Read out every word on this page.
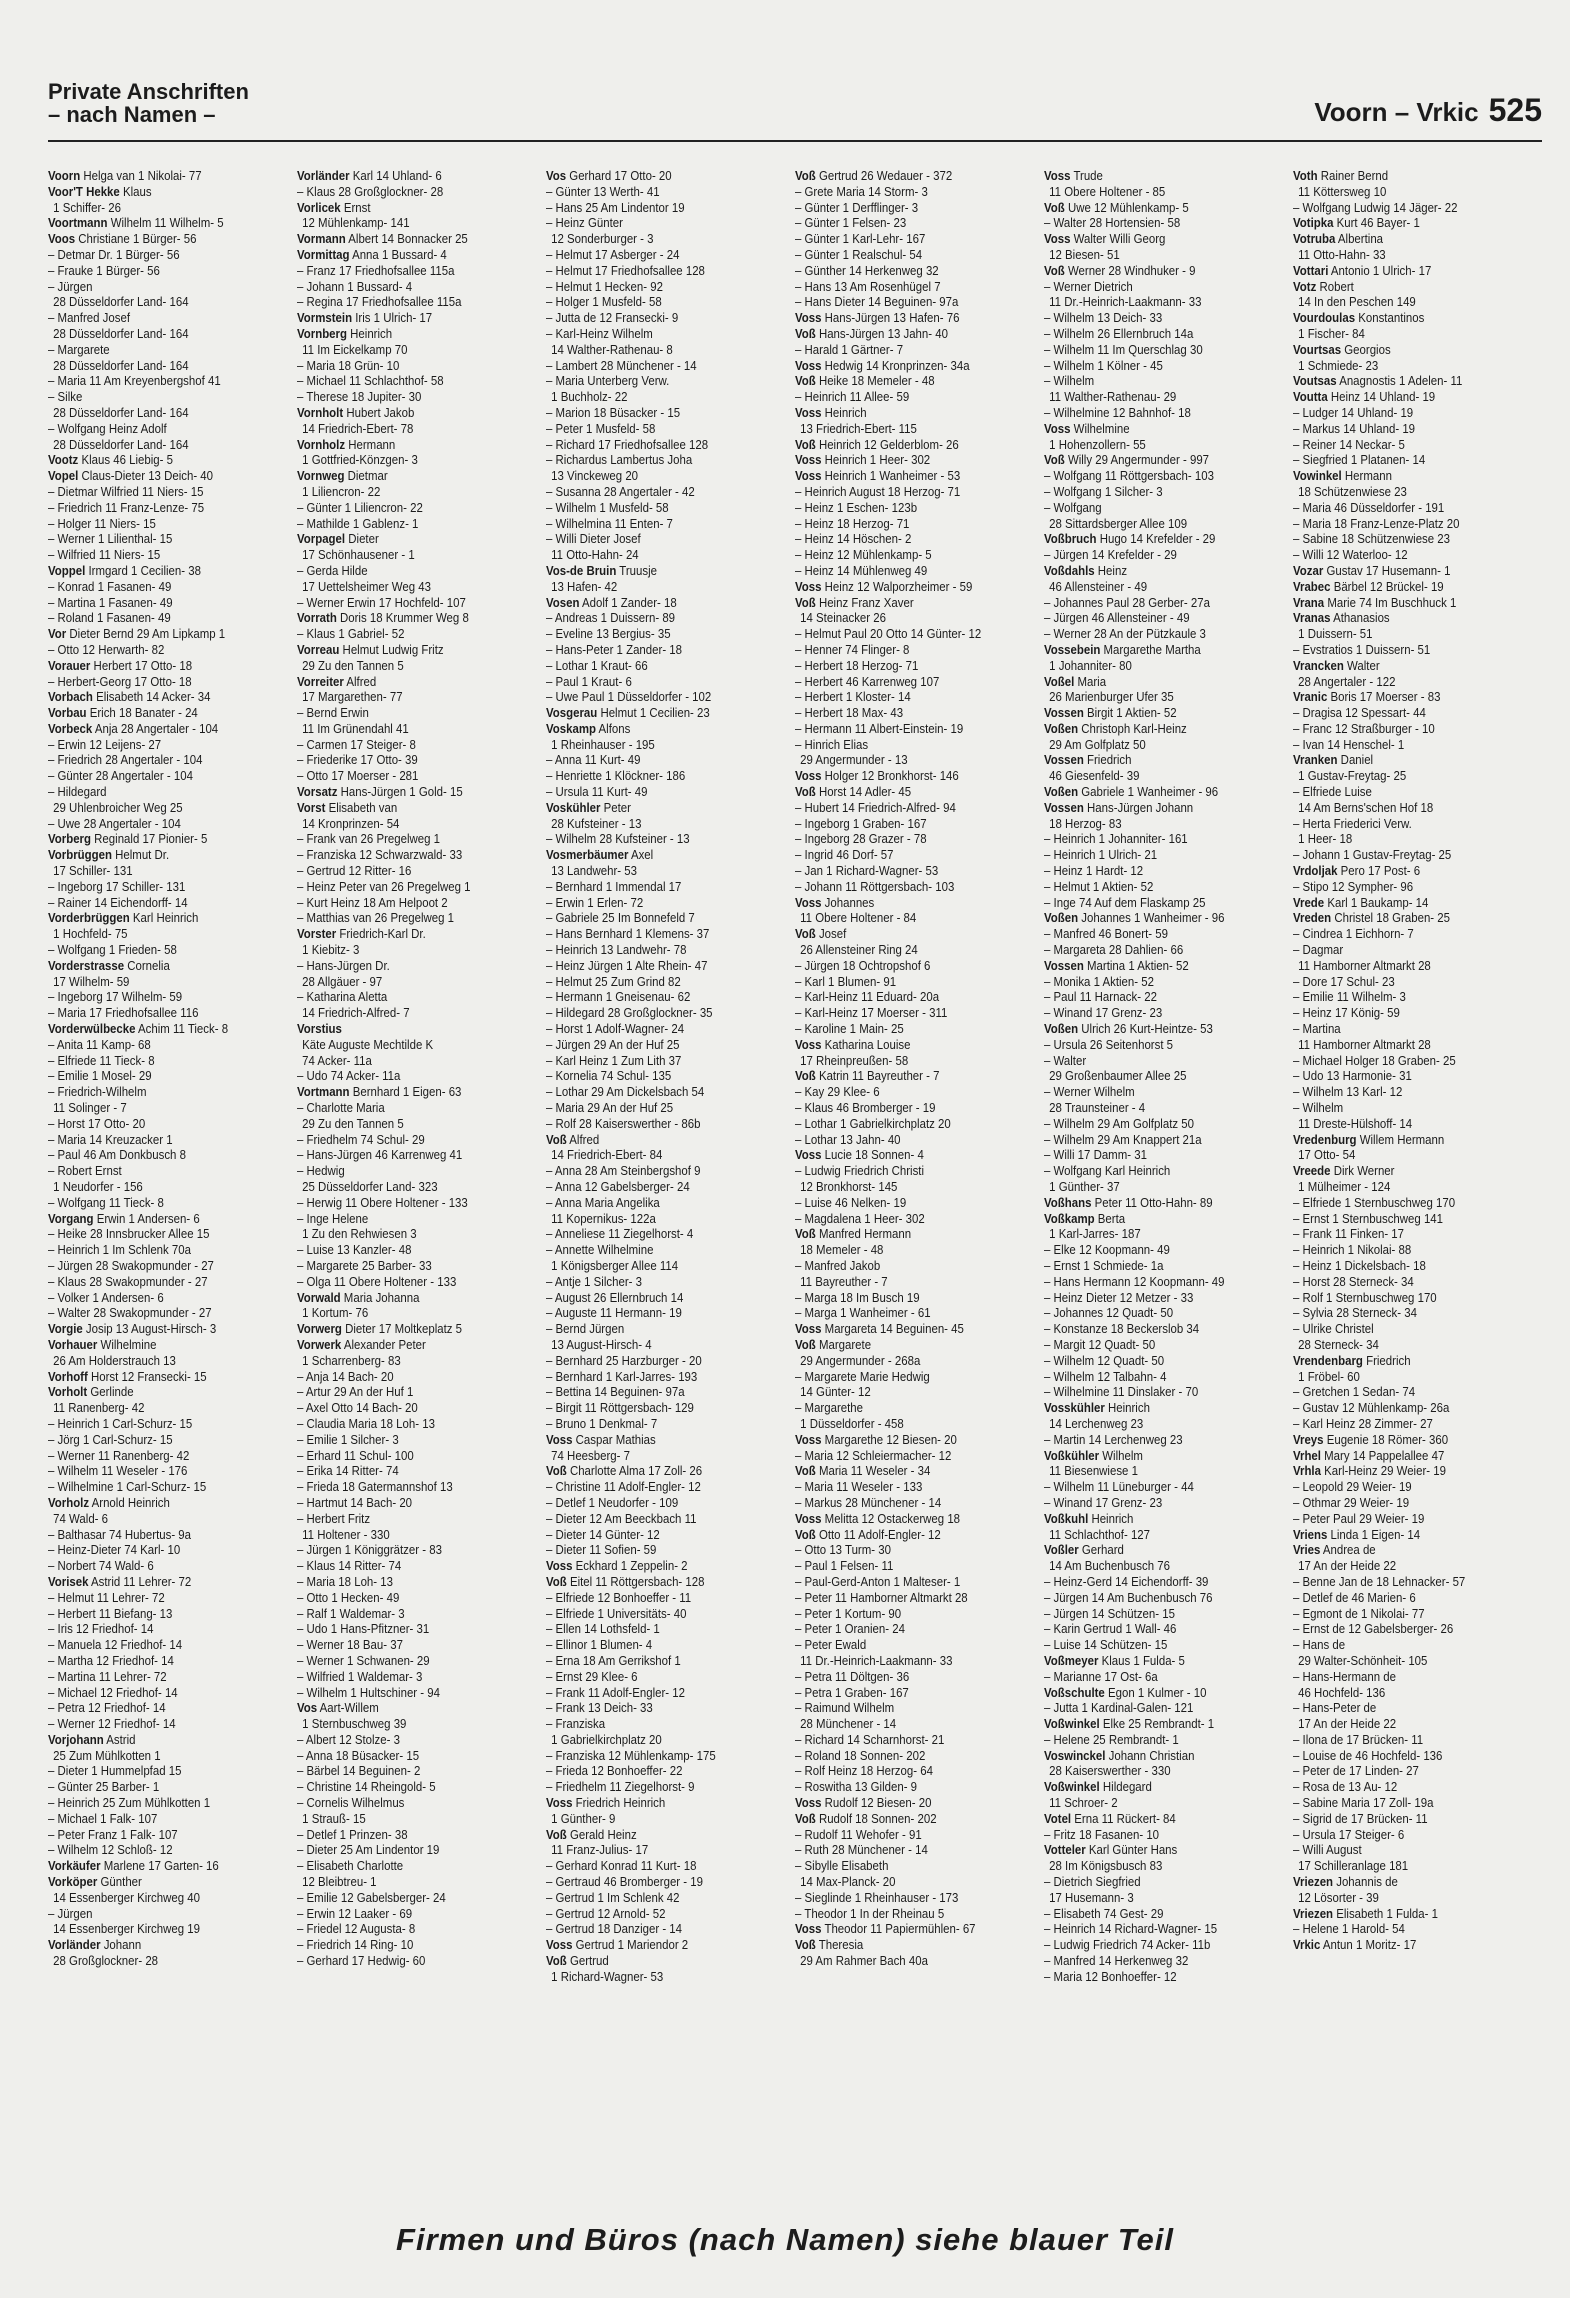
Private Anschriften
– nach Namen –	Voorn – Vrkic 525
Voorn Helga van 1 Nikolai- 77
Voor'T Hekke Klaus
1 Schiffer- 26
Voortmann Wilhelm 11 Wilhelm- 5
Voos Christiane 1 Bürger- 56
– Detmar Dr. 1 Bürger- 56
– Frauke 1 Bürger- 56
– Jürgen
28 Düsseldorfer Land- 164
– Manfred Josef
28 Düsseldorfer Land- 164
– Margarete
28 Düsseldorfer Land- 164
– Maria 11 Am Kreyenbergshof 41
– Silke
28 Düsseldorfer Land- 164
– Wolfgang Heinz Adolf
28 Düsseldorfer Land- 164
Vootz Klaus 46 Liebig- 5
Vopel Claus-Dieter 13 Deich- 40
– Dietmar Wilfried 11 Niers- 15
– Friedrich 11 Franz-Lenze- 75
– Holger 11 Niers- 15
– Werner 1 Lilienthal- 15
– Wilfried 11 Niers- 15
Voppel Irmgard 1 Cecilien- 38
– Konrad 1 Fasanen- 49
– Martina 1 Fasanen- 49
– Roland 1 Fasanen- 49
Vor Dieter Bernd 29 Am Lipkamp 1
– Otto 12 Herwarth- 82
Vorauer Herbert 17 Otto- 18
– Herbert-Georg 17 Otto- 18
Vorbach Elisabeth 14 Acker- 34
Vorbau Erich 18 Banater - 24
Vorbeck Anja 28 Angertaler - 104
– Erwin 12 Leijens- 27
– Friedrich 28 Angertaler - 104
– Günter 28 Angertaler - 104
– Hildegard
29 Uhlenbroicher Weg 25
– Uwe 28 Angertaler - 104
Vorberg Reginald 17 Pionier- 5
Vorbrüggen Helmut Dr.
17 Schiller- 131
– Ingeborg 17 Schiller- 131
– Rainer 14 Eichendorff- 14
Vorderbrüggen Karl Heinrich
1 Hochfeld- 75
– Wolfgang 1 Frieden- 58
Vorderstrasse Cornelia
17 Wilhelm- 59
– Ingeborg 17 Wilhelm- 59
– Maria 17 Friedhofsallee 116
Vorderwülbecke Achim 11 Tieck- 8
– Anita 11 Kamp- 68
– Elfriede 11 Tieck- 8
– Emilie 1 Mosel- 29
– Friedrich-Wilhelm
11 Solinger - 7
– Horst 17 Otto- 20
– Maria 14 Kreuzacker 1
– Paul 46 Am Donkbusch 8
– Robert Ernst
1 Neudorfer - 156
– Wolfgang 11 Tieck- 8
Vorgang Erwin 1 Andersen- 6
– Heike 28 Innsbrucker Allee 15
– Heinrich 1 Im Schlenk 70a
– Jürgen 28 Swakopmunder - 27
– Klaus 28 Swakopmunder - 27
– Volker 1 Andersen- 6
– Walter 28 Swakopmunder - 27
Vorgie Josip 13 August-Hirsch- 3
Vorhauer Wilhelmine
26 Am Holderstrauch 13
Vorhoff Horst 12 Fransecki- 15
Vorholt Gerlinde
11 Ranenberg- 42
– Heinrich 1 Carl-Schurz- 15
– Jörg 1 Carl-Schurz- 15
– Werner 11 Ranenberg- 42
– Wilhelm 11 Weseler - 176
– Wilhelmine 1 Carl-Schurz- 15
Vorholz Arnold Heinrich
74 Wald- 6
– Balthasar 74 Hubertus- 9a
– Heinz-Dieter 74 Karl- 10
– Norbert 74 Wald- 6
Vorisek Astrid 11 Lehrer- 72
– Helmut 11 Lehrer- 72
– Herbert 11 Biefang- 13
– Iris 12 Friedhof- 14
– Manuela 12 Friedhof- 14
– Martha 12 Friedhof- 14
– Martina 11 Lehrer- 72
– Michael 12 Friedhof- 14
– Petra 12 Friedhof- 14
– Werner 12 Friedhof- 14
Vorjohann Astrid
25 Zum Mühlkotten 1
– Dieter 1 Hummelpfad 15
– Günter 25 Barber- 1
– Heinrich 25 Zum Mühlkotten 1
– Michael 1 Falk- 107
– Peter Franz 1 Falk- 107
– Wilhelm 12 Schloß- 12
Vorkäufer Marlene 17 Garten- 16
Vorköper Günther
14 Essenberger Kirchweg 40
– Jürgen
14 Essenberger Kirchweg 19
Vorländer Johann
28 Großglockner- 28
Vorländer Karl 14 Uhland- 6
– Klaus 28 Großglockner- 28
Vorlicek Ernst
12 Mühlenkamp- 141
Vormann Albert 14 Bonnacker 25
Vormittag Anna 1 Bussard- 4
– Franz 17 Friedhofsallee 115a
– Johann 1 Bussard- 4
– Regina 17 Friedhofsallee 115a
Vormstein Iris 1 Ulrich- 17
Vornberg Heinrich
11 Im Eickelkamp 70
– Maria 18 Grün- 10
– Michael 11 Schlachthof- 58
– Therese 18 Jupiter- 30
Vornholt Hubert Jakob
14 Friedrich-Ebert- 78
Vornholz Hermann
1 Gottfried-Könzgen- 3
Vornweg Dietmar
1 Liliencron- 22
– Günter 1 Liliencron- 22
– Mathilde 1 Gablenz- 1
Vorpagel Dieter
17 Schönhausener - 1
– Gerda Hilde
17 Uettelsheimer Weg 43
– Werner Erwin 17 Hochfeld- 107
Vorrath Doris 18 Krummer Weg 8
– Klaus 1 Gabriel- 52
Vorreau Helmut Ludwig Fritz
29 Zu den Tannen 5
Vorreiter Alfred
17 Margarethen- 77
– Bernd Erwin
11 Im Grünendahl 41
– Carmen 17 Steiger- 8
– Friederike 17 Otto- 39
– Otto 17 Moerser - 281
Vorsatz Hans-Jürgen 1 Gold- 15
Vorst Elisabeth van
14 Kronprinzen- 54
– Frank van 26 Pregelweg 1
– Franziska 12 Schwarzwald- 33
– Gertrud 12 Ritter- 16
– Heinz Peter van 26 Pregelweg 1
– Kurt Heinz 18 Am Helpoot 2
– Matthias van 26 Pregelweg 1
Vorster Friedrich-Karl Dr.
1 Kiebitz- 3
– Hans-Jürgen Dr.
28 Allgäuer - 97
– Katharina Aletta
14 Friedrich-Alfred- 7
Vorstius
Käte Auguste Mechtilde K
74 Acker- 11a
– Udo 74 Acker- 11a
Vortmann Bernhard 1 Eigen- 63
– Charlotte Maria
29 Zu den Tannen 5
– Friedhelm 74 Schul- 29
– Hans-Jürgen 46 Karrenweg 41
– Hedwig
25 Düsseldorfer Land- 323
– Herwig 11 Obere Holtener - 133
– Inge Helene
1 Zu den Rehwiesen 3
– Luise 13 Kanzler- 48
– Margarete 25 Barber- 33
– Olga 11 Obere Holtener - 133
Vorwald Maria Johanna
1 Kortum- 76
Vorwerg Dieter 17 Moltkeplatz 5
Vorwerk Alexander Peter
1 Scharrenberg- 83
– Anja 14 Bach- 20
– Artur 29 An der Huf 1
– Axel Otto 14 Bach- 20
– Claudia Maria 18 Loh- 13
– Emilie 1 Silcher- 3
– Erhard 11 Schul- 100
– Erika 14 Ritter- 74
– Frieda 18 Gatermannshof 13
– Hartmut 14 Bach- 20
– Herbert Fritz
11 Holtener - 330
– Jürgen 1 Königgrätzer - 83
– Klaus 14 Ritter- 74
– Maria 18 Loh- 13
– Otto 1 Hecken- 49
– Ralf 1 Waldemar- 3
– Udo 1 Hans-Pfitzner- 31
– Werner 18 Bau- 37
– Werner 1 Schwanen- 29
– Wilfried 1 Waldemar- 3
– Wilhelm 1 Hultschiner - 94
Vos Aart-Willem
1 Sternbuschweg 39
– Albert 12 Stolze- 3
– Anna 18 Büsacker- 15
– Bärbel 14 Beguinen- 2
– Christine 14 Rheingold- 5
– Cornelis Wilhelmus
1 Strauß- 15
– Detlef 1 Prinzen- 38
– Dieter 25 Am Lindentor 19
– Elisabeth Charlotte
12 Bleibtreu- 1
– Emilie 12 Gabelsberger- 24
– Erwin 12 Laaker - 69
– Friedel 12 Augusta- 8
– Friedrich 14 Ring- 10
– Gerhard 17 Hedwig- 60
Vos Gerhard 17 Otto- 20
– Günter 13 Werth- 41
– Hans 25 Am Lindentor 19
– Heinz Günter
12 Sonderburger - 3
– Helmut 17 Asberger - 24
– Helmut 17 Friedhofsallee 128
– Helmut 1 Hecken- 92
– Holger 1 Musfeld- 58
– Jutta de 12 Fransecki- 9
– Karl-Heinz Wilhelm
14 Walther-Rathenau- 8
– Lambert 28 Münchener - 14
– Maria Unterberg Verw.
1 Buchholz- 22
– Marion 18 Büsacker - 15
– Peter 1 Musfeld- 58
– Richard 17 Friedhofsallee 128
– Richardus Lambertus Joha
13 Vinckeweg 20
– Susanna 28 Angertaler - 42
– Wilhelm 1 Musfeld- 58
– Wilhelmina 11 Enten- 7
– Willi Dieter Josef
11 Otto-Hahn- 24
Vos-de Bruin Truusje
13 Hafen- 42
Vosen Adolf 1 Zander- 18
– Andreas 1 Duissern- 89
– Eveline 13 Bergius- 35
– Hans-Peter 1 Zander- 18
– Lothar 1 Kraut- 66
– Paul 1 Kraut- 6
– Uwe Paul 1 Düsseldorfer - 102
Vosgerau Helmut 1 Cecilien- 23
Voskamp Alfons
1 Rheinhauser - 195
– Anna 11 Kurt- 49
– Henriette 1 Klöckner- 186
– Ursula 11 Kurt- 49
Voskühler Peter
28 Kufsteiner - 13
– Wilhelm 28 Kufsteiner - 13
Vosmerbäumer Axel
13 Landwehr- 53
– Bernhard 1 Immendal 17
– Erwin 1 Erlen- 72
– Gabriele 25 Im Bonnefeld 7
– Hans Bernhard 1 Klemens- 37
– Heinrich 13 Landwehr- 78
– Heinz Jürgen 1 Alte Rhein- 47
– Helmut 25 Zum Grind 82
– Hermann 1 Gneisenau- 62
– Hildegard 28 Großglockner- 35
– Horst 1 Adolf-Wagner- 24
– Jürgen 29 An der Huf 25
– Karl Heinz 1 Zum Lith 37
– Kornelia 74 Schul- 135
– Lothar 29 Am Dickelsbach 54
– Maria 29 An der Huf 25
– Rolf 28 Kaiserswerther - 86b
Voß Alfred
14 Friedrich-Ebert- 84
– Anna 28 Am Steinbergshof 9
– Anna 12 Gabelsberger- 24
– Anna Maria Angelika
11 Kopernikus- 122a
– Anneliese 11 Ziegelhorst- 4
– Annette Wilhelmine
1 Königsberger Allee 114
– Antje 1 Silcher- 3
– August 26 Ellernbruch 14
– Auguste 11 Hermann- 19
– Bernd Jürgen
13 August-Hirsch- 4
– Bernhard 25 Harzburger - 20
– Bernhard 1 Karl-Jarres- 193
– Bettina 14 Beguinen- 97a
– Birgit 11 Röttgersbach- 129
– Bruno 1 Denkmal- 7
Voss Caspar Mathias
74 Heesberg- 7
Voß Charlotte Alma 17 Zoll- 26
– Christine 11 Adolf-Engler- 12
– Detlef 1 Neudorfer - 109
– Dieter 12 Am Beeckbach 11
– Dieter 14 Günter- 12
– Dieter 11 Sofien- 59
Voss Eckhard 1 Zeppelin- 2
Voß Eitel 11 Röttgersbach- 128
– Elfriede 12 Bonhoeffer - 11
– Elfriede 1 Universitäts- 40
– Ellen 14 Lothsfeld- 1
– Ellinor 1 Blumen- 4
– Erna 18 Am Gerrikshof 1
– Ernst 29 Klee- 6
– Frank 11 Adolf-Engler- 12
– Frank 13 Deich- 33
– Franziska
1 Gabrielkirchplatz 20
– Franziska 12 Mühlenkamp- 175
– Frieda 12 Bonhoeffer- 22
– Friedhelm 11 Ziegelhorst- 9
Voss Friedrich Heinrich
1 Günther- 9
Voß Gerald Heinz
11 Franz-Julius- 17
– Gerhard Konrad 11 Kurt- 18
– Gertraud 46 Bromberger - 19
– Gertrud 1 Im Schlenk 42
– Gertrud 12 Arnold- 52
– Gertrud 18 Danziger - 14
Voss Gertrud 1 Mariendor 2
Voß Gertrud
1 Richard-Wagner- 53
Voß Gertrud 26 Wedauer - 372
– Grete Maria 14 Storm- 3
– Günter 1 Derfflinger- 3
– Günter 1 Felsen- 23
– Günter 1 Karl-Lehr- 167
– Günter 1 Realschul- 54
– Günther 14 Herkenweg 32
– Hans 13 Am Rosenhügel 7
– Hans Dieter 14 Beguinen- 97a
Voss Hans-Jürgen 13 Hafen- 76
Voß Hans-Jürgen 13 Jahn- 40
– Harald 1 Gärtner- 7
Voss Hedwig 14 Kronprinzen- 34a
Voß Heike 18 Memeler - 48
– Heinrich 11 Allee- 59
Voss Heinrich
13 Friedrich-Ebert- 115
Voß Heinrich 12 Gelderblom- 26
Voss Heinrich 1 Heer- 302
Voss Heinrich 1 Wanheimer - 53
– Heinrich August 18 Herzog- 71
– Heinz 1 Eschen- 123b
– Heinz 18 Herzog- 71
– Heinz 14 Höschen- 2
– Heinz 12 Mühlenkamp- 5
– Heinz 14 Mühlenweg 49
Voss Heinz 12 Walporzheimer - 59
Voß Heinz Franz Xaver
14 Steinacker 26
– Helmut Paul 20 Otto 14 Günter- 12
– Henner 74 Flinger- 8
– Herbert 18 Herzog- 71
– Herbert 46 Karrenweg 107
– Herbert 1 Kloster- 14
– Herbert 18 Max- 43
– Hermann 11 Albert-Einstein- 19
– Hinrich Elias
29 Angermunder - 13
Voss Holger 12 Bronkhorst- 146
Voß Horst 14 Adler- 45
– Hubert 14 Friedrich-Alfred- 94
– Ingeborg 1 Graben- 167
– Ingeborg 28 Grazer - 78
– Ingrid 46 Dorf- 57
– Jan 1 Richard-Wagner- 53
– Johann 11 Röttgersbach- 103
Voss Johannes
11 Obere Holtener - 84
Voß Josef
26 Allensteiner Ring 24
– Jürgen 18 Ochtropshof 6
– Karl 1 Blumen- 91
– Karl-Heinz 11 Eduard- 20a
– Karl-Heinz 17 Moerser - 311
– Karoline 1 Main- 25
Voss Katharina Louise
17 Rheinpreußen- 58
Voß Katrin 11 Bayreuther - 7
– Kay 29 Klee- 6
– Klaus 46 Bromberger - 19
– Lothar 1 Gabrielkirchplatz 20
– Lothar 13 Jahn- 40
Voss Lucie 18 Sonnen- 4
– Ludwig Friedrich Christi
12 Bronkhorst- 145
– Luise 46 Nelken- 19
– Magdalena 1 Heer- 302
Voß Manfred Hermann
18 Memeler - 48
– Manfred Jakob
11 Bayreuther - 7
– Marga 18 Im Busch 19
– Marga 1 Wanheimer - 61
Voss Margareta 14 Beguinen- 45
Voß Margarete
29 Angermunder - 268a
– Margarete Marie Hedwig
14 Günter- 12
– Margarethe
1 Düsseldorfer - 458
Voss Margarethe 12 Biesen- 20
– Maria 12 Schleiermacher- 12
Voß Maria 11 Weseler - 34
– Maria 11 Weseler - 133
– Markus 28 Münchener - 14
Voss Melitta 12 Ostackerweg 18
Voß Otto 11 Adolf-Engler- 12
– Otto 13 Turm- 30
– Paul 1 Felsen- 11
– Paul-Gerd-Anton 1 Malteser- 1
– Peter 11 Hamborner Altmarkt 28
– Peter 1 Kortum- 90
– Peter 1 Oranien- 24
– Peter Ewald
11 Dr.-Heinrich-Laakmann- 33
– Petra 11 Döltgen- 36
– Petra 1 Graben- 167
– Raimund Wilhelm
28 Münchener - 14
– Richard 14 Scharnhorst- 21
– Roland 18 Sonnen- 202
– Rolf Heinz 18 Herzog- 64
– Roswitha 13 Gilden- 9
Voss Rudolf 12 Biesen- 20
Voß Rudolf 18 Sonnen- 202
– Rudolf 11 Wehofer - 91
– Ruth 28 Münchener - 14
– Sibylle Elisabeth
14 Max-Planck- 20
– Sieglinde 1 Rheinhauser - 173
– Theodor 1 In der Rheinau 5
Voss Theodor 11 Papiermühlen- 67
Voß Theresia
29 Am Rahmer Bach 40a
Voss Trude
11 Obere Holtener - 85
Voß Uwe 12 Mühlenkamp- 5
– Walter 28 Hortensien- 58
Voss Walter Willi Georg
12 Biesen- 51
Voß Werner 28 Windhuker - 9
– Werner Dietrich
11 Dr.-Heinrich-Laakmann- 33
– Wilhelm 13 Deich- 33
– Wilhelm 26 Ellernbruch 14a
– Wilhelm 11 Im Querschlag 30
– Wilhelm 1 Kölner - 45
– Wilhelm
11 Walther-Rathenau- 29
– Wilhelmine 12 Bahnhof- 18
Voss Wilhelmine
1 Hohenzollern- 55
Voß Willy 29 Angermunder - 997
– Wolfgang 11 Röttgersbach- 103
– Wolfgang 1 Silcher- 3
– Wolfgang
28 Sittardsberger Allee 109
Voßbruch Hugo 14 Krefelder - 29
– Jürgen 14 Krefelder - 29
Voßdahls Heinz
46 Allensteiner - 49
– Johannes Paul 28 Gerber- 27a
– Jürgen 46 Allensteiner - 49
– Werner 28 An der Pützkaule 3
Vossebein Margarethe Martha
1 Johanniter- 80
Voßel Maria
26 Marienburger Ufer 35
Vossen Birgit 1 Aktien- 52
Voßen Christoph Karl-Heinz
29 Am Golfplatz 50
Vossen Friedrich
46 Giesenfeld- 39
Voßen Gabriele 1 Wanheimer - 96
Vossen Hans-Jürgen Johann
18 Herzog- 83
– Heinrich 1 Johanniter- 161
– Heinrich 1 Ulrich- 21
– Heinz 1 Hardt- 12
– Helmut 1 Aktien- 52
– Inge 74 Auf dem Flaskamp 25
Voßen Johannes 1 Wanheimer - 96
– Manfred 46 Bonert- 59
– Margareta 28 Dahlien- 66
Vossen Martina 1 Aktien- 52
– Monika 1 Aktien- 52
– Paul 11 Harnack- 22
– Winand 17 Grenz- 23
Voßen Ulrich 26 Kurt-Heintze- 53
– Ursula 26 Seitenhorst 5
– Walter
29 Großenbaumer Allee 25
– Werner Wilhelm
28 Traunsteiner - 4
– Wilhelm 29 Am Golfplatz 50
– Wilhelm 29 Am Knappert 21a
– Willi 17 Damm- 31
– Wolfgang Karl Heinrich
1 Günther- 37
Voßhans Peter 11 Otto-Hahn- 89
Voßkamp Berta
1 Karl-Jarres- 187
– Elke 12 Koopmann- 49
– Ernst 1 Schmiede- 1a
– Hans Hermann 12 Koopmann- 49
– Heinz Dieter 12 Metzer - 33
– Johannes 12 Quadt- 50
– Konstanze 18 Beckerslob 34
– Margit 12 Quadt- 50
– Wilhelm 12 Quadt- 50
– Wilhelm 12 Talbahn- 4
– Wilhelmine 11 Dinslaker - 70
Vosskühler Heinrich
14 Lerchenweg 23
– Martin 14 Lerchenweg 23
Voßkühler Wilhelm
11 Biesenwiese 1
– Wilhelm 11 Lüneburger - 44
– Winand 17 Grenz- 23
Voßkuhl Heinrich
11 Schlachthof- 127
Voßler Gerhard
14 Am Buchenbusch 76
– Heinz-Gerd 14 Eichendorff- 39
– Jürgen 14 Am Buchenbusch 76
– Jürgen 14 Schützen- 15
– Karin Gertrud 1 Wall- 46
– Luise 14 Schützen- 15
Voßmeyer Klaus 1 Fulda- 5
– Marianne 17 Ost- 6a
Voßschulte Egon 1 Kulmer - 10
– Jutta 1 Kardinal-Galen- 121
Voßwinkel Elke 25 Rembrandt- 1
– Helene 25 Rembrandt- 1
Voswinckel Johann Christian
28 Kaiserswerther - 330
Voßwinkel Hildegard
11 Schroer- 2
Votel Erna 11 Rückert- 84
– Fritz 18 Fasanen- 10
Votteler Karl Günter Hans
28 Im Königsbusch 83
– Dietrich Siegfried
17 Husemann- 3
– Elisabeth 74 Gest- 29
– Heinrich 14 Richard-Wagner- 15
– Ludwig Friedrich 74 Acker- 11b
– Manfred 14 Herkenweg 32
– Maria 12 Bonhoeffer- 12
Voth Rainer Bernd
11 Köttersweg 10
– Wolfgang Ludwig 14 Jäger- 22
Votipka Kurt 46 Bayer- 1
Votruba Albertina
11 Otto-Hahn- 33
Vottari Antonio 1 Ulrich- 17
Votz Robert
14 In den Peschen 149
Vourdoulas Konstantinos
1 Fischer- 84
Vourtsas Georgios
1 Schmiede- 23
Voutsas Anagnostis 1 Adelen- 11
Voutta Heinz 14 Uhland- 19
– Ludger 14 Uhland- 19
– Markus 14 Uhland- 19
– Reiner 14 Neckar- 5
– Siegfried 1 Platanen- 14
Vowinkel Hermann
18 Schützenwiese 23
– Maria 46 Düsseldorfer - 191
– Maria 18 Franz-Lenze-Platz 20
– Sabine 18 Schützenwiese 23
– Willi 12 Waterloo- 12
Vozar Gustav 17 Husemann- 1
Vrabec Bärbel 12 Brückel- 19
Vrana Marie 74 Im Buschhuck 1
Vranas Athanasios
1 Duissern- 51
– Evstratios 1 Duissern- 51
Vrancken Walter
28 Angertaler - 122
Vranic Boris 17 Moerser - 83
– Dragisa 12 Spessart- 44
– Franc 12 Straßburger - 10
– Ivan 14 Henschel- 1
Vranken Daniel
1 Gustav-Freytag- 25
– Elfriede Luise
14 Am Berns'schen Hof 18
– Herta Friederici Verw.
1 Heer- 18
– Johann 1 Gustav-Freytag- 25
Vrdoljak Pero 17 Post- 6
– Stipo 12 Sympher- 96
Vrede Karl 1 Baukamp- 14
Vreden Christel 18 Graben- 25
– Cindrea 1 Eichhorn- 7
– Dagmar
11 Hamborner Altmarkt 28
– Dore 17 Schul- 23
– Emilie 11 Wilhelm- 3
– Heinz 17 König- 59
– Martina
11 Hamborner Altmarkt 28
– Michael Holger 18 Graben- 25
– Udo 13 Harmonie- 31
– Wilhelm 13 Karl- 12
– Wilhelm
11 Dreste-Hülshoff- 14
Vredenburg Willem Hermann
17 Otto- 54
Vreede Dirk Werner
1 Mülheimer - 124
– Elfriede 1 Sternbuschweg 170
– Ernst 1 Sternbuschweg 141
– Frank 11 Finken- 17
– Heinrich 1 Nikolai- 88
– Heinz 1 Dickelsbach- 18
– Horst 28 Sterneck- 34
– Rolf 1 Sternbuschweg 170
– Sylvia 28 Sterneck- 34
– Ulrike Christel
28 Sterneck- 34
Vrendenbarg Friedrich
1 Fröbel- 60
– Gretchen 1 Sedan- 74
– Gustav 12 Mühlenkamp- 26a
– Karl Heinz 28 Zimmer- 27
Vreys Eugenie 18 Römer- 360
Vrhel Mary 14 Pappelallee 47
Vrhla Karl-Heinz 29 Weier- 19
– Leopold 29 Weier- 19
– Othmar 29 Weier- 19
– Peter Paul 29 Weier- 19
Vriens Linda 1 Eigen- 14
Vries Andrea de
17 An der Heide 22
– Benne Jan de 18 Lehnacker- 57
– Detlef de 46 Marien- 6
– Egmont de 1 Nikolai- 77
– Ernst de 12 Gabelsberger- 26
– Hans de
29 Walter-Schönheit- 105
– Hans-Hermann de
46 Hochfeld- 136
– Hans-Peter de
17 An der Heide 22
– Ilona de 17 Brücken- 11
– Louise de 46 Hochfeld- 136
– Peter de 17 Linden- 27
– Rosa de 13 Au- 12
– Sabine Maria 17 Zoll- 19a
– Sigrid de 17 Brücken- 11
– Ursula 17 Steiger- 6
– Willi August
17 Schilleranlage 181
Vriezen Johannis de
12 Lösorter - 39
Vriezen Elisabeth 1 Fulda- 1
– Helene 1 Harold- 54
Vrkic Antun 1 Moritz- 17
Firmen und Büros (nach Namen) siehe blauer Teil
